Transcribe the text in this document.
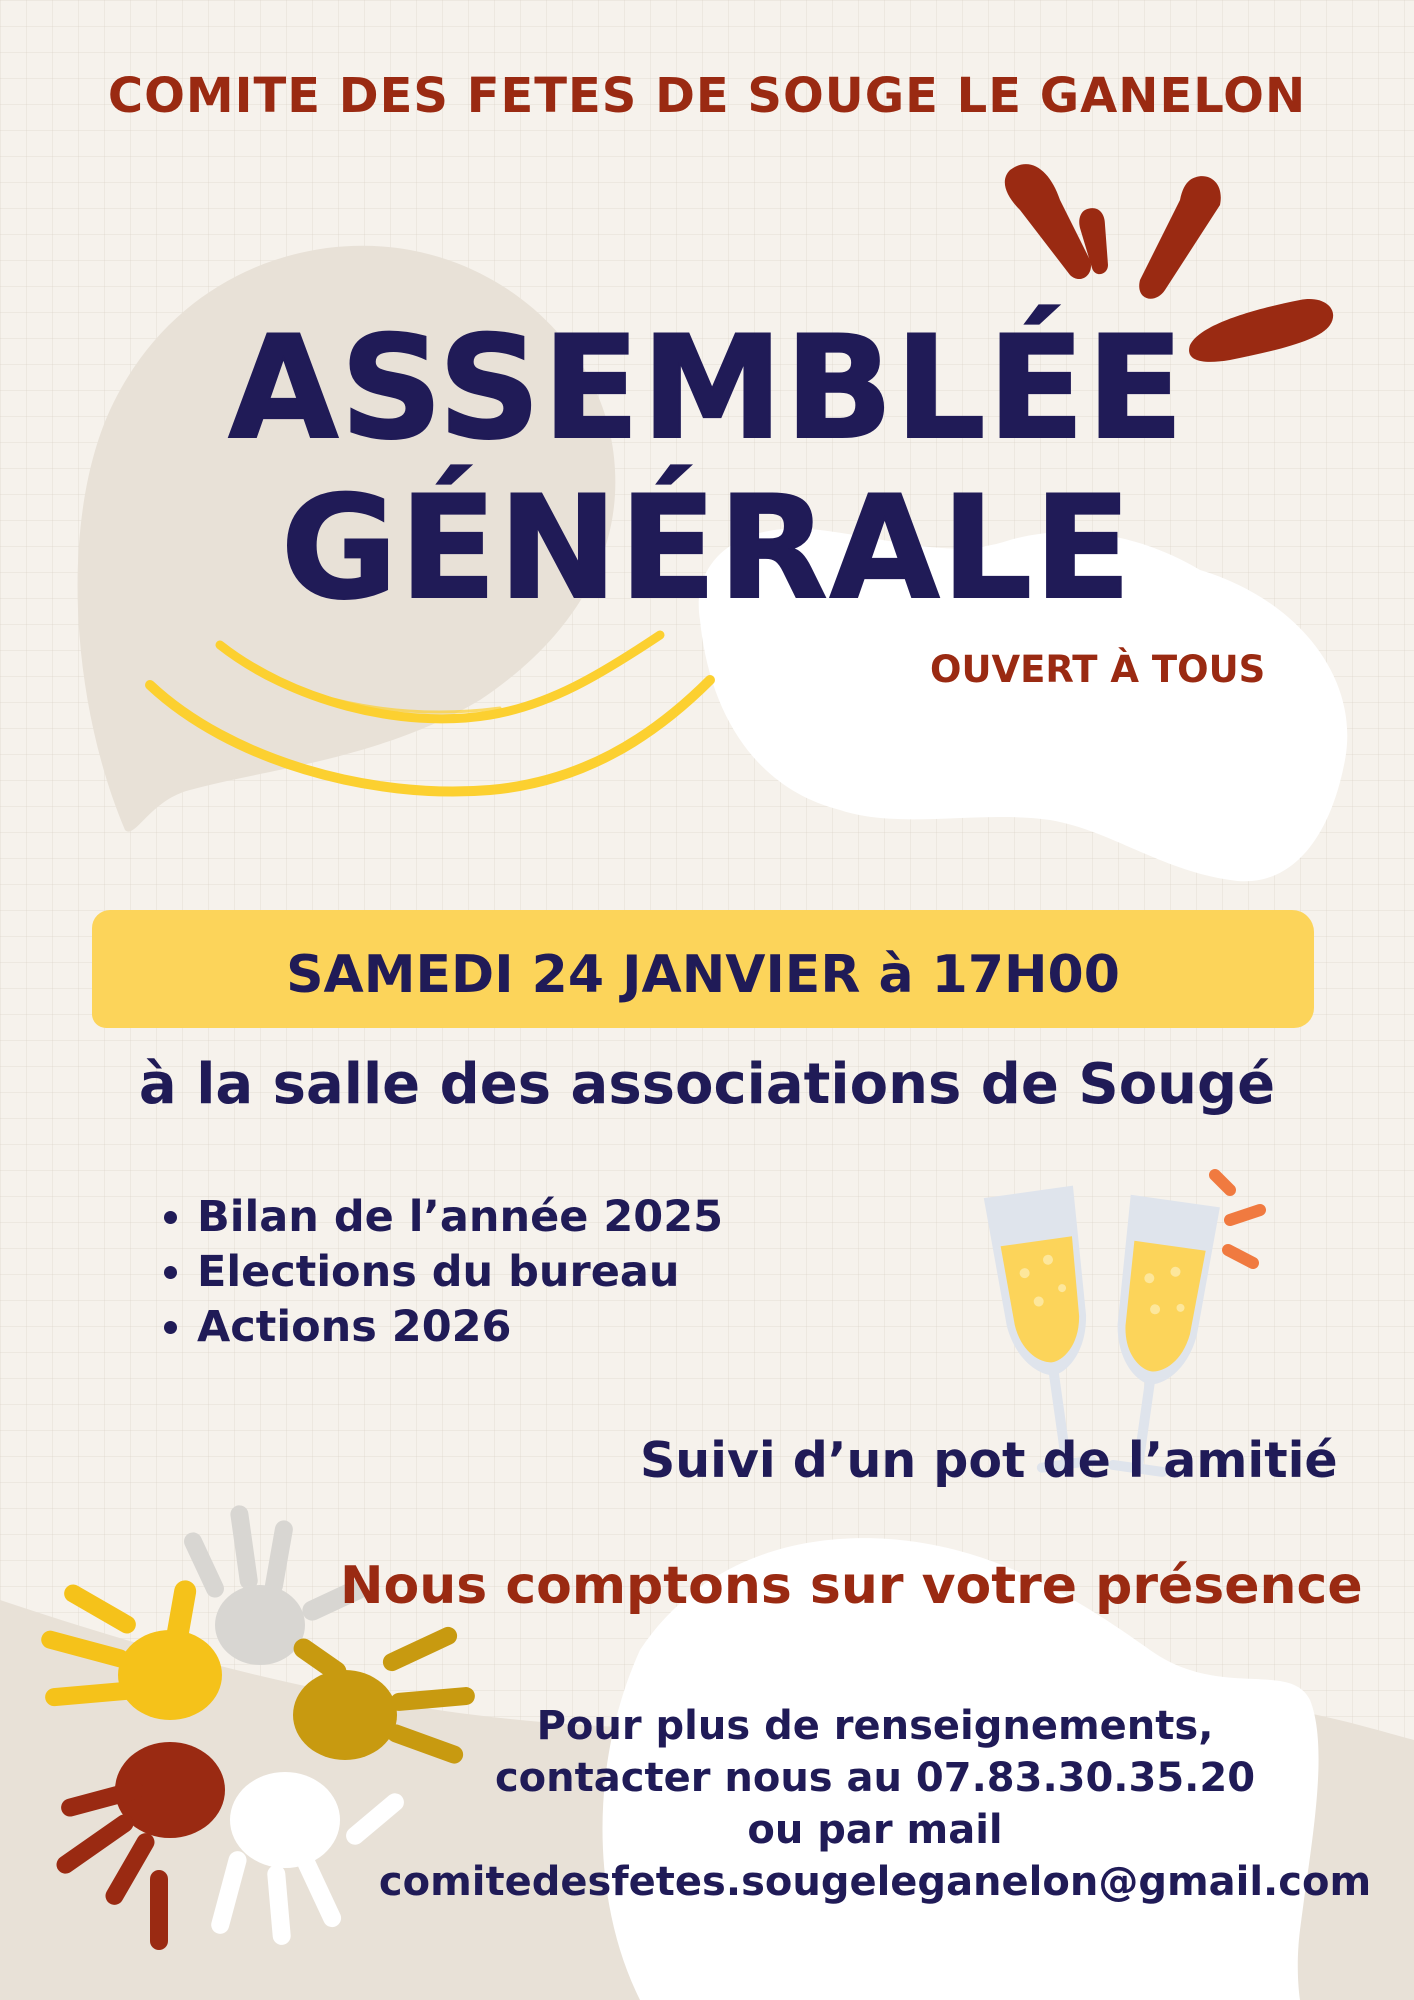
COMITE DES FETES DE SOUGE LE GANELON
ASSEMBLÉE
GÉNÉRALE
OUVERT À TOUS
SAMEDI 24 JANVIER à 17H00
à la salle des associations de Sougé
• Bilan de l’année 2025
• Elections du bureau
• Actions 2026
Suivi d’un pot de l’amitié
Nous comptons sur votre présence
Pour plus de renseignements,
contacter nous au 07.83.30.35.20
ou par mail
comitedesfetes.sougeleganelon@gmail.com
